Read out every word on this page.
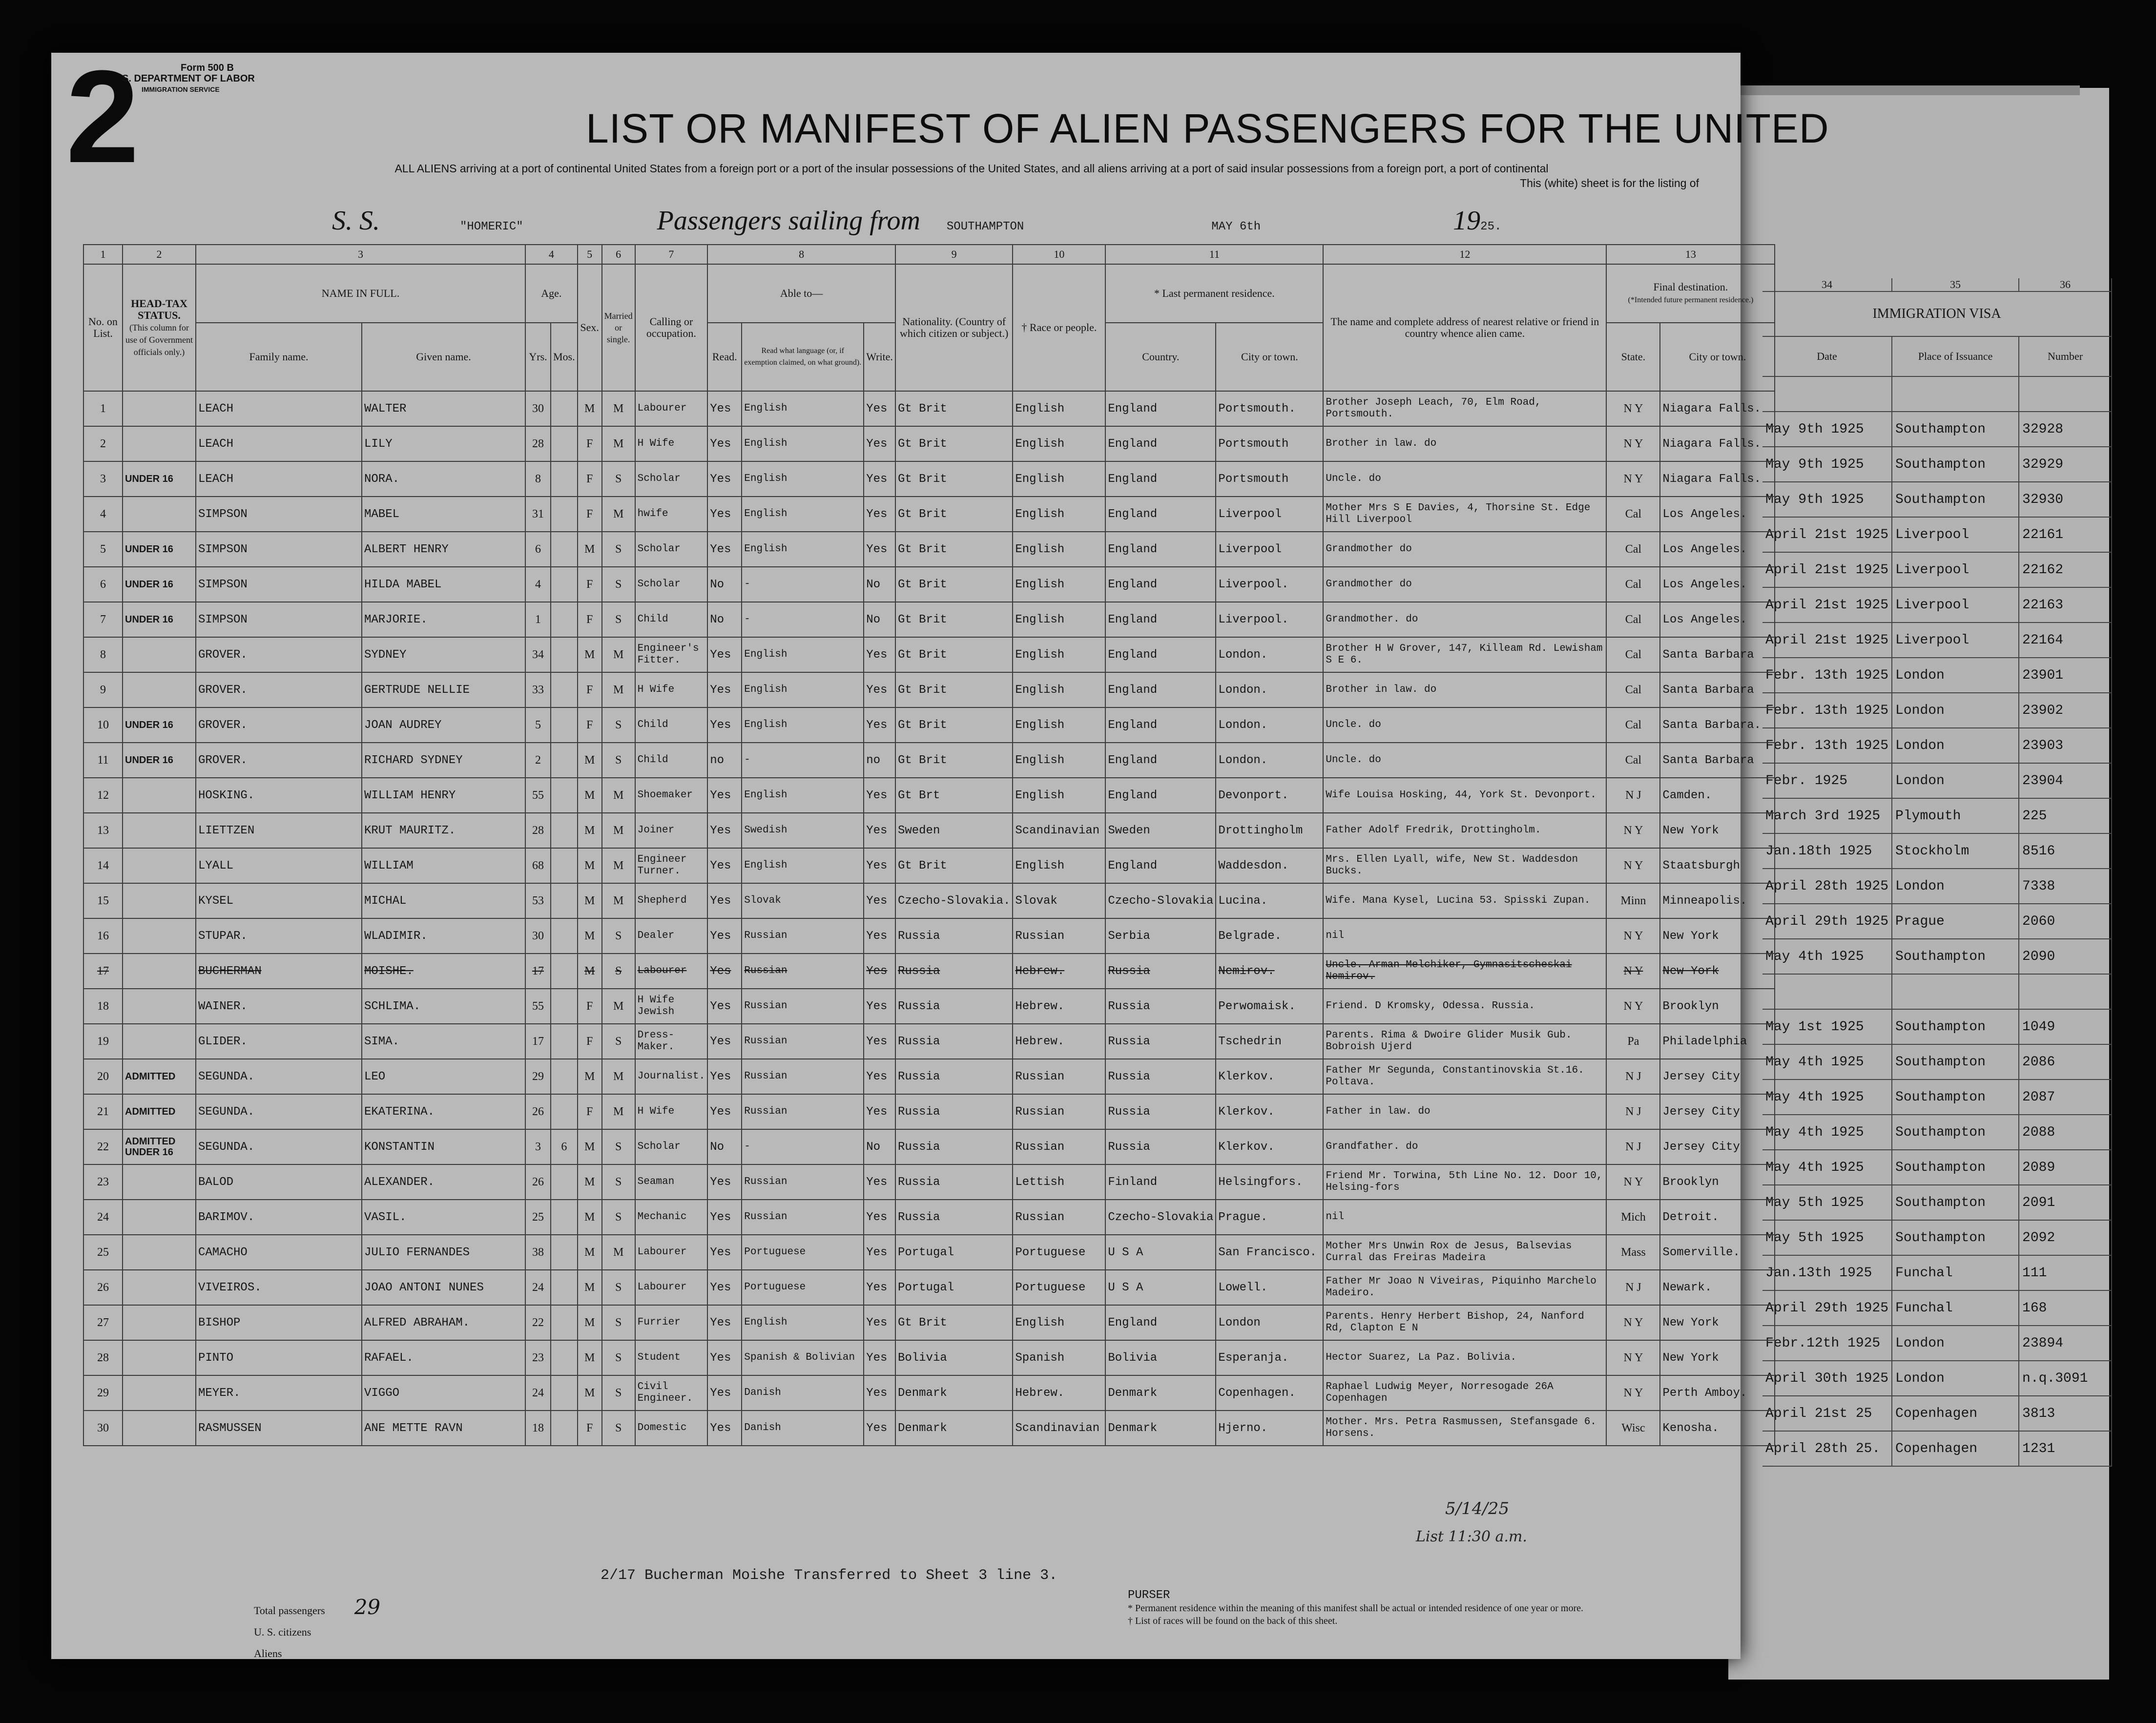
34	35	36
IMMIGRATION VISA		
Date	Place of Issuance	Number

May 9th 1925	Southampton	32928
May 9th 1925	Southampton	32929
May 9th 1925	Southampton	32930
April 21st 1925	Liverpool	22161
April 21st 1925	Liverpool	22162
April 21st 1925	Liverpool	22163
April 21st 1925	Liverpool	22164
Febr. 13th 1925	London	23901
Febr. 13th 1925	London	23902
Febr. 13th 1925	London	23903
Febr. 1925	London	23904
March 3rd 1925	Plymouth	225
Jan.18th 1925	Stockholm	8516
April 28th 1925	London	7338
April 29th 1925	Prague	2060
May 4th 1925	Southampton	2090

May 1st 1925	Southampton	1049
May 4th 1925	Southampton	2086
May 4th 1925	Southampton	2087
May 4th 1925	Southampton	2088
May 4th 1925	Southampton	2089
May 5th 1925	Southampton	2091
May 5th 1925	Southampton	2092
Jan.13th 1925	Funchal	111
April 29th 1925	Funchal	168
Febr.12th 1925	London	23894
April 30th 1925	London	n.q.3091
April 21st 25	Copenhagen	3813
April 28th 25.	Copenhagen	1231
2	Form 500 B
S. DEPARTMENT OF LABOR
IMMIGRATION SERVICE
LIST OR MANIFEST OF ALIEN PASSENGERS FOR THE UNITED
ALL ALIENS arriving at a port of continental United States from a foreign port or a port of the insular possessions of the United States, and all aliens arriving at a port of said insular possessions from a foreign port, a port of continental
This (white) sheet is for the listing of
S. S.	"HOMERIC"	Passengers sailing from SOUTHAMPTON	MAY 6th	1925.
1	2	3		4		5	6	7	8			9	10	11		12	13	
No. on List.	HEAD-TAX STATUS.
(This column for use of Government officials only.)	NAME IN FULL.		Age.		Sex.	Married or single.	Calling or occupation.	Able to—			Nationality. (Country of which citizen or subject.)	† Race or people.	* Last permanent residence.		The name and complete address of nearest relative or friend in country whence alien came.	Final destination.
(*Intended future permanent residence.)	
		Family name.	Given name.	Yrs.	Mos.				Read.	Read what language (or, if exemption claimed, on what ground).	Write.			Country.	City or town.		State.	City or town.
1		LEACH	WALTER	30		M	M	Labourer	Yes	English	Yes	Gt Brit	English	England	Portsmouth.	Brother Joseph Leach, 70, Elm Road, Portsmouth.	N Y	Niagara Falls.
2		LEACH	LILY	28		F	M	H Wife	Yes	English	Yes	Gt Brit	English	England	Portsmouth	Brother in law. do	N Y	Niagara Falls.
3	UNDER 16	LEACH	NORA.	8		F	S	Scholar	Yes	English	Yes	Gt Brit	English	England	Portsmouth	Uncle. do	N Y	Niagara Falls.
4		SIMPSON	MABEL	31		F	M	hwife	Yes	English	Yes	Gt Brit	English	England	Liverpool	Mother Mrs S E Davies, 4, Thorsine St. Edge Hill Liverpool	Cal	Los Angeles.
5	UNDER 16	SIMPSON	ALBERT HENRY	6		M	S	Scholar	Yes	English	Yes	Gt Brit	English	England	Liverpool	Grandmother do	Cal	Los Angeles.
6	UNDER 16	SIMPSON	HILDA MABEL	4		F	S	Scholar	No	-	No	Gt Brit	English	England	Liverpool.	Grandmother do	Cal	Los Angeles.
7	UNDER 16	SIMPSON	MARJORIE.	1		F	S	Child	No	-	No	Gt Brit	English	England	Liverpool.	Grandmother. do	Cal	Los Angeles.
8		GROVER.	SYDNEY	34		M	M	Engineer's Fitter.	Yes	English	Yes	Gt Brit	English	England	London.	Brother H W Grover, 147, Killeam Rd. Lewisham S E 6.	Cal	Santa Barbara
9		GROVER.	GERTRUDE NELLIE	33		F	M	H Wife	Yes	English	Yes	Gt Brit	English	England	London.	Brother in law. do	Cal	Santa Barbara
10	UNDER 16	GROVER.	JOAN AUDREY	5		F	S	Child	Yes	English	Yes	Gt Brit	English	England	London.	Uncle. do	Cal	Santa Barbara.
11	UNDER 16	GROVER.	RICHARD SYDNEY	2		M	S	Child	no	-	no	Gt Brit	English	England	London.	Uncle. do	Cal	Santa Barbara
12		HOSKING.	WILLIAM HENRY	55		M	M	Shoemaker	Yes	English	Yes	Gt Brt	English	England	Devonport.	Wife Louisa Hosking, 44, York St. Devonport.	N J	Camden.
13		LIETTZEN	KRUT MAURITZ.	28		M	M	Joiner	Yes	Swedish	Yes	Sweden	Scandinavian	Sweden	Drottingholm	Father Adolf Fredrik, Drottingholm.	N Y	New York
14		LYALL	WILLIAM	68		M	M	Engineer Turner.	Yes	English	Yes	Gt Brit	English	England	Waddesdon.	Mrs. Ellen Lyall, wife, New St. Waddesdon Bucks.	N Y	Staatsburgh
15		KYSEL	MICHAL	53		M	M	Shepherd	Yes	Slovak	Yes	Czecho-Slovakia.	Slovak	Czecho-Slovakia	Lucina.	Wife. Mana Kysel, Lucina 53. Spisski Zupan.	Minn	Minneapolis.
16		STUPAR.	WLADIMIR.	30		M	S	Dealer	Yes	Russian	Yes	Russia	Russian	Serbia	Belgrade.	nil	N Y	New York
17		BUCHERMAN	MOISHE.	17		M	S	Labourer	Yes	Russian	Yes	Russia	Hebrew.	Russia	Nemirov.	Uncle. Arman Melchiker, Gymnasitscheskai Nemirov.	N Y	New York
18		WAINER.	SCHLIMA.	55		F	M	H Wife Jewish	Yes	Russian	Yes	Russia	Hebrew.	Russia	Perwomaisk.	Friend. D Kromsky, Odessa. Russia.	N Y	Brooklyn
19		GLIDER.	SIMA.	17		F	S	Dress-Maker.	Yes	Russian	Yes	Russia	Hebrew.	Russia	Tschedrin	Parents. Rima & Dwoire Glider Musik Gub. Bobroish Ujerd	Pa	Philadelphia
20	ADMITTED	SEGUNDA.	LEO	29		M	M	Journalist.	Yes	Russian	Yes	Russia	Russian	Russia	Klerkov.	Father Mr Segunda, Constantinovskia St.16. Poltava.	N J	Jersey City
21	ADMITTED	SEGUNDA.	EKATERINA.	26		F	M	H Wife	Yes	Russian	Yes	Russia	Russian	Russia	Klerkov.	Father in law. do	N J	Jersey City
22	ADMITTED UNDER 16	SEGUNDA.	KONSTANTIN	3	6	M	S	Scholar	No	-	No	Russia	Russian	Russia	Klerkov.	Grandfather. do	N J	Jersey City
23		BALOD	ALEXANDER.	26		M	S	Seaman	Yes	Russian	Yes	Russia	Lettish	Finland	Helsingfors.	Friend Mr. Torwina, 5th Line No. 12. Door 10, Helsing-fors	N Y	Brooklyn
24		BARIMOV.	VASIL.	25		M	S	Mechanic	Yes	Russian	Yes	Russia	Russian	Czecho-Slovakia	Prague.	nil	Mich	Detroit.
25		CAMACHO	JULIO FERNANDES	38		M	M	Labourer	Yes	Portuguese	Yes	Portugal	Portuguese	U S A	San Francisco.	Mother Mrs Unwin Rox de Jesus, Balsevias Curral das Freiras Madeira	Mass	Somerville.
26		VIVEIROS.	JOAO ANTONI NUNES	24		M	S	Labourer	Yes	Portuguese	Yes	Portugal	Portuguese	U S A	Lowell.	Father Mr Joao N Viveiras, Piquinho Marchelo Madeiro.	N J	Newark.
27		BISHOP	ALFRED ABRAHAM.	22		M	S	Furrier	Yes	English	Yes	Gt Brit	English	England	London	Parents. Henry Herbert Bishop, 24, Nanford Rd, Clapton E N	N Y	New York
28		PINTO	RAFAEL.	23		M	S	Student	Yes	Spanish & Bolivian	Yes	Bolivia	Spanish	Bolivia	Esperanja.	Hector Suarez, La Paz. Bolivia.	N Y	New York
29		MEYER.	VIGGO	24		M	S	Civil Engineer.	Yes	Danish	Yes	Denmark	Hebrew.	Denmark	Copenhagen.	Raphael Ludwig Meyer, Norresogade 26A Copenhagen	N Y	Perth Amboy.
30		RASMUSSEN	ANE METTE RAVN	18		F	S	Domestic	Yes	Danish	Yes	Denmark	Scandinavian	Denmark	Hjerno.	Mother. Mrs. Petra Rasmussen, Stefansgade 6. Horsens.	Wisc	Kenosha.
2/17 Bucherman Moishe Transferred to Sheet 3 line 3.
PURSER
* Permanent residence within the meaning of this manifest shall be actual or intended residence of one year or more.
† List of races will be found on the back of this sheet.
Total passengers 29
U. S. citizens
Aliens
5/14/25
List 11:30 a.m.
